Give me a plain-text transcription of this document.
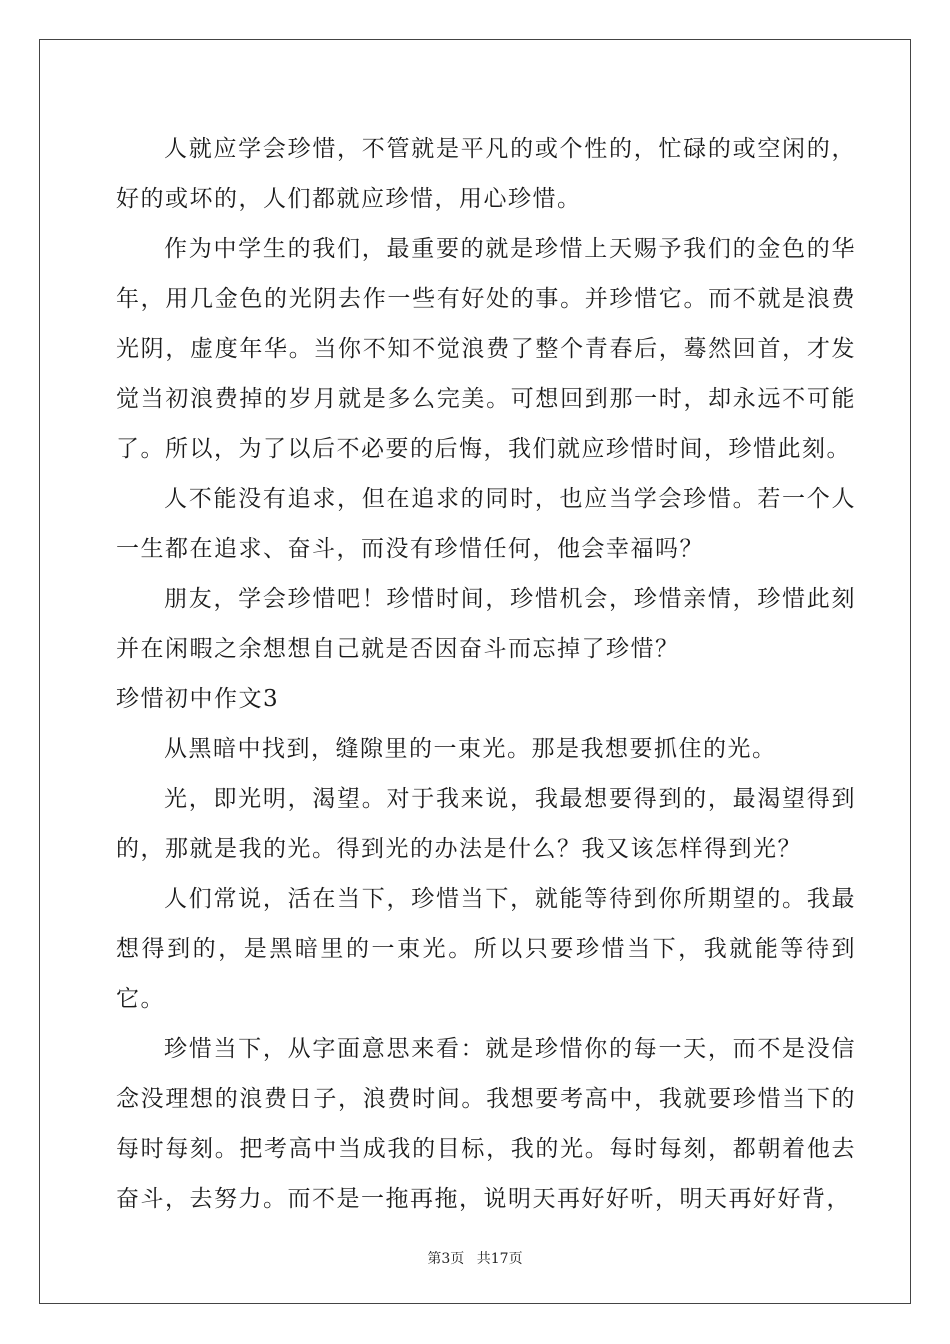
人就应学会珍惜，不管就是平凡的或个性的，忙碌的或空闲的，好的或坏的，人们都就应珍惜，用心珍惜。

作为中学生的我们，最重要的就是珍惜上天赐予我们的金色的华年，用几金色的光阴去作一些有好处的事。并珍惜它。而不就是浪费光阴，虚度年华。当你不知不觉浪费了整个青春后，蓦然回首，才发觉当初浪费掉的岁月就是多么完美。可想回到那一时，却永远不可能了。所以，为了以后不必要的后悔，我们就应珍惜时间，珍惜此刻。

人不能没有追求，但在追求的同时，也应当学会珍惜。若一个人一生都在追求、奋斗，而没有珍惜任何，他会幸福吗？

朋友，学会珍惜吧！珍惜时间，珍惜机会，珍惜亲情，珍惜此刻并在闲暇之余想想自己就是否因奋斗而忘掉了珍惜？

珍惜初中作文3

从黑暗中找到，缝隙里的一束光。那是我想要抓住的光。

光，即光明，渴望。对于我来说，我最想要得到的，最渴望得到的，那就是我的光。得到光的办法是什么？我又该怎样得到光？

人们常说，活在当下，珍惜当下，就能等待到你所期望的。我最想得到的，是黑暗里的一束光。所以只要珍惜当下，我就能等待到它。

珍惜当下，从字面意思来看：就是珍惜你的每一天，而不是没信念没理想的浪费日子，浪费时间。我想要考高中，我就要珍惜当下的每时每刻。把考高中当成我的目标，我的光。每时每刻，都朝着他去奋斗，去努力。而不是一拖再拖，说明天再好好听，明天再好好背，

第3页 共17页
